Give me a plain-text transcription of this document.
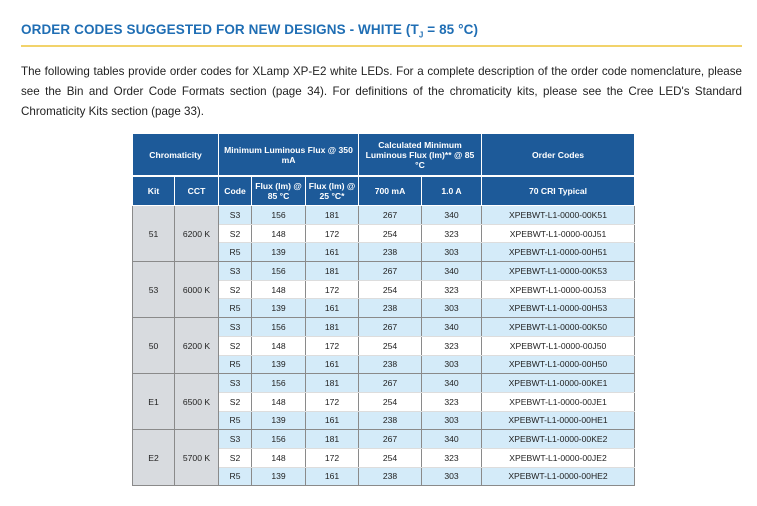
ORDER CODES SUGGESTED FOR NEW DESIGNS - WHITE ($T_J = 85$ °C)

The following tables provide order codes for XLamp XP-E2 white LEDs. For a complete description of the order code nomenclature, please see the Bin and Order Code Formats section (page 34). For definitions of the chromaticity kits, please see the Cree LED's Standard Chromaticity Kits section (page 33).

Chromaticity		Minimum Luminous Flux @ 350 mA			Calculated Minimum Luminous Flux (lm)** @ 85 °C		Order Codes
Kit	CCT	Code	Flux (lm) @ 85 °C	Flux (lm) @ 25 °C*	700 mA	1.0 A	70 CRI Typical
51	6200 K	S3	156	181	267	340	XPEBWT-L1-0000-00K51
		S2	148	172	254	323	XPEBWT-L1-0000-00J51
		R5	139	161	238	303	XPEBWT-L1-0000-00H51
53	6000 K	S3	156	181	267	340	XPEBWT-L1-0000-00K53
		S2	148	172	254	323	XPEBWT-L1-0000-00J53
		R5	139	161	238	303	XPEBWT-L1-0000-00H53
50	6200 K	S3	156	181	267	340	XPEBWT-L1-0000-00K50
		S2	148	172	254	323	XPEBWT-L1-0000-00J50
		R5	139	161	238	303	XPEBWT-L1-0000-00H50
E1	6500 K	S3	156	181	267	340	XPEBWT-L1-0000-00KE1
		S2	148	172	254	323	XPEBWT-L1-0000-00JE1
		R5	139	161	238	303	XPEBWT-L1-0000-00HE1
E2	5700 K	S3	156	181	267	340	XPEBWT-L1-0000-00KE2
		S2	148	172	254	323	XPEBWT-L1-0000-00JE2
		R5	139	161	238	303	XPEBWT-L1-0000-00HE2
